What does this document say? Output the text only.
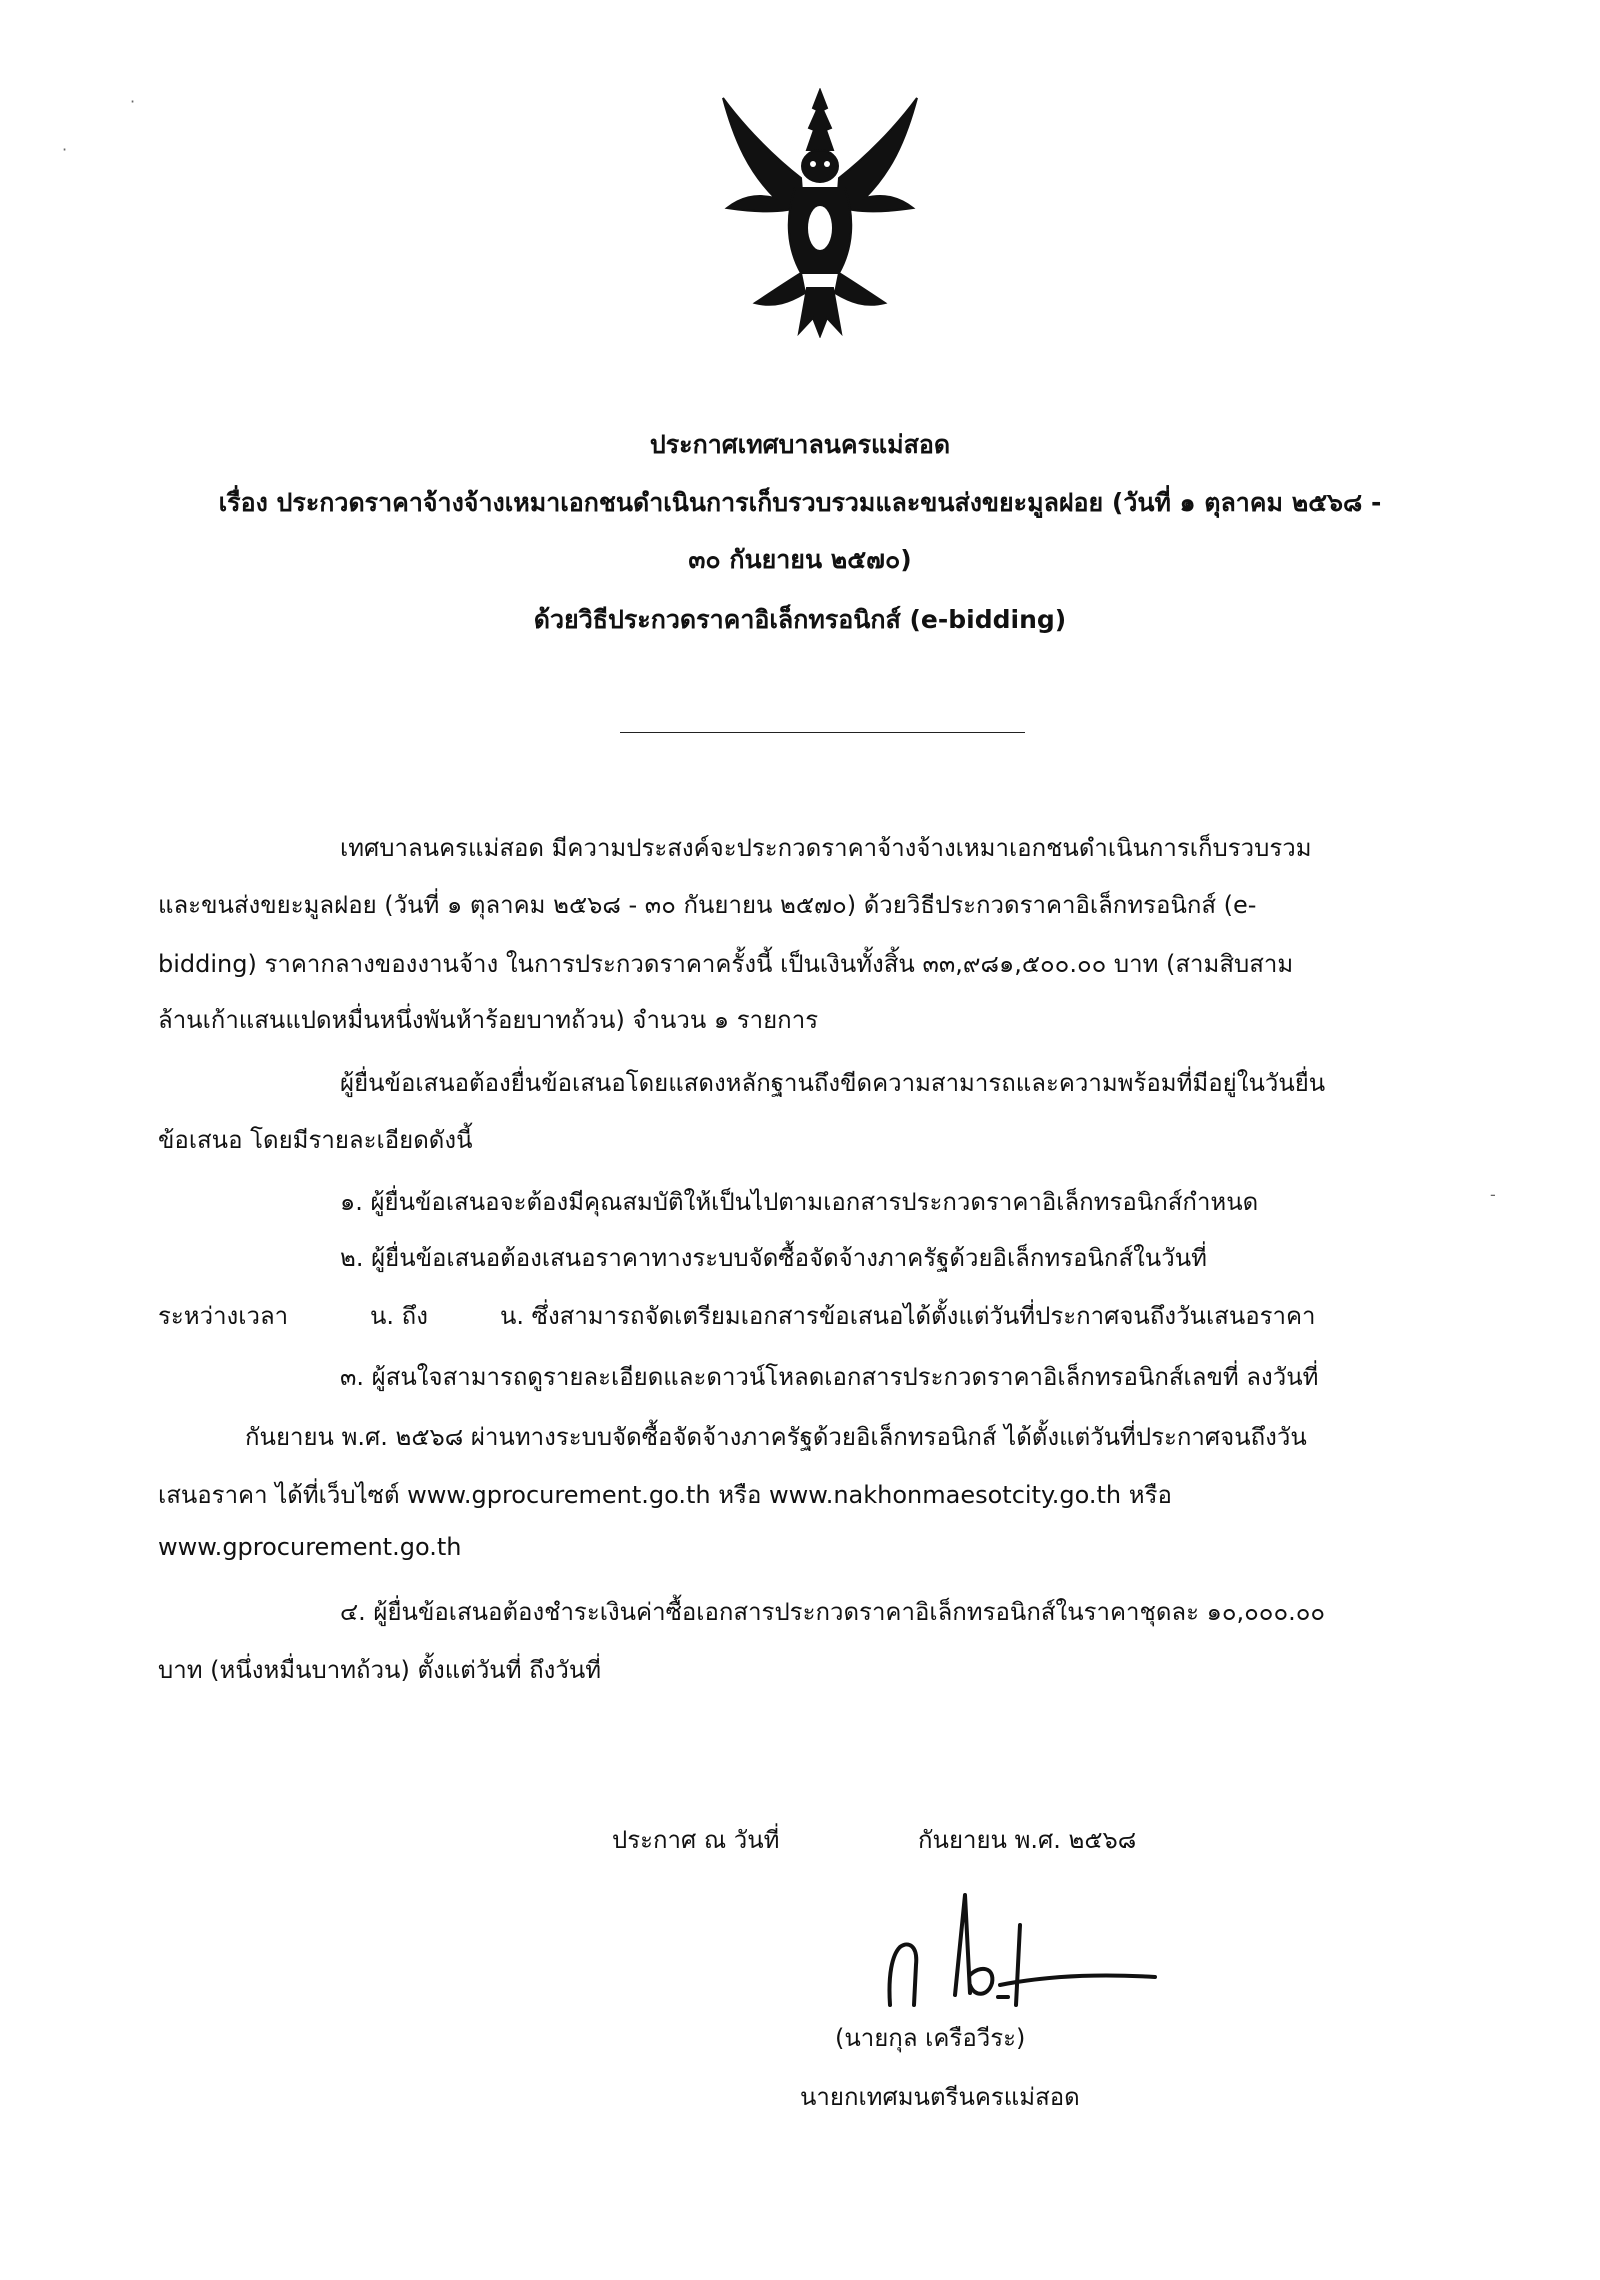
ประกาศเทศบาลนครแม่สอด
เรื่อง ประกวดราคาจ้างจ้างเหมาเอกชนดำเนินการเก็บรวบรวมและขนส่งขยะมูลฝอย (วันที่ ๑ ตุลาคม ๒๕๖๘ -
๓๐ กันยายน ๒๕๗๐)
ด้วยวิธีประกวดราคาอิเล็กทรอนิกส์ (e-bidding)
เทศบาลนครแม่สอด มีความประสงค์จะประกวดราคาจ้างจ้างเหมาเอกชนดำเนินการเก็บรวบรวม
และขนส่งขยะมูลฝอย (วันที่ ๑ ตุลาคม ๒๕๖๘ - ๓๐ กันยายน ๒๕๗๐) ด้วยวิธีประกวดราคาอิเล็กทรอนิกส์ (e-
bidding) ราคากลางของงานจ้าง ในการประกวดราคาครั้งนี้ เป็นเงินทั้งสิ้น ๓๓,๙๘๑,๕๐๐.๐๐ บาท (สามสิบสาม
ล้านเก้าแสนแปดหมื่นหนึ่งพันห้าร้อยบาทถ้วน) จำนวน ๑ รายการ
ผู้ยื่นข้อเสนอต้องยื่นข้อเสนอโดยแสดงหลักฐานถึงขีดความสามารถและความพร้อมที่มีอยู่ในวันยื่น
ข้อเสนอ โดยมีรายละเอียดดังนี้
๑. ผู้ยื่นข้อเสนอจะต้องมีคุณสมบัติให้เป็นไปตามเอกสารประกวดราคาอิเล็กทรอนิกส์กำหนด
๒. ผู้ยื่นข้อเสนอต้องเสนอราคาทางระบบจัดซื้อจัดจ้างภาครัฐด้วยอิเล็กทรอนิกส์ในวันที่
ระหว่างเวลา	น. ถึง	น. ซึ่งสามารถจัดเตรียมเอกสารข้อเสนอได้ตั้งแต่วันที่ประกาศจนถึงวันเสนอราคา
๓. ผู้สนใจสามารถดูรายละเอียดและดาวน์โหลดเอกสารประกวดราคาอิเล็กทรอนิกส์เลขที่ ลงวันที่
กันยายน พ.ศ. ๒๕๖๘ ผ่านทางระบบจัดซื้อจัดจ้างภาครัฐด้วยอิเล็กทรอนิกส์ ได้ตั้งแต่วันที่ประกาศจนถึงวัน
เสนอราคา ได้ที่เว็บไซต์ www.gprocurement.go.th หรือ www.nakhonmaesotcity.go.th หรือ
www.gprocurement.go.th
๔. ผู้ยื่นข้อเสนอต้องชำระเงินค่าซื้อเอกสารประกวดราคาอิเล็กทรอนิกส์ในราคาชุดละ ๑๐,๐๐๐.๐๐
บาท (หนึ่งหมื่นบาทถ้วน) ตั้งแต่วันที่ ถึงวันที่
ประกาศ ณ วันที่	กันยายน พ.ศ. ๒๕๖๘
(นายกุล เครือวีระ)
นายกเทศมนตรีนครแม่สอด
·
·
-
